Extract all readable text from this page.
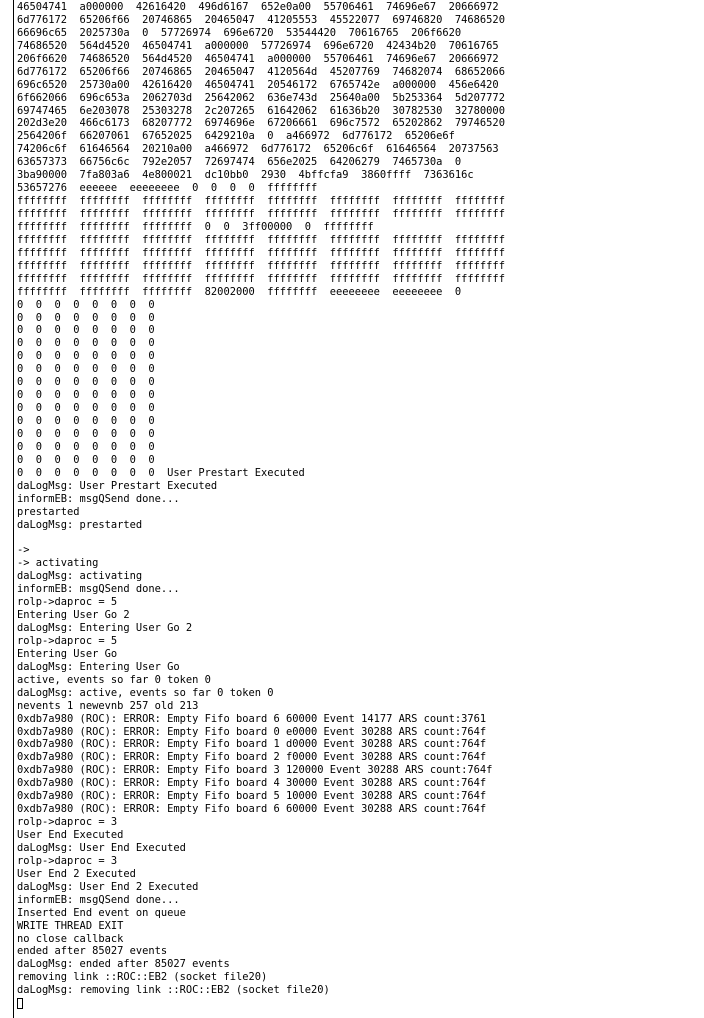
46504741  a000000  42616420  496d6167  652e0a00  55706461  74696e67  20666972
6d776172  65206f66  20746865  20465047  41205553  45522077  69746820  74686520
66696c65  2025730a  0  57726974  696e6720  53544420  70616765  206f6620
74686520  564d4520  46504741  a000000  57726974  696e6720  42434b20  70616765
206f6620  74686520  564d4520  46504741  a000000  55706461  74696e67  20666972
6d776172  65206f66  20746865  20465047  4120564d  45207769  74682074  68652066
696c6520  25730a00  42616420  46504741  20546172  6765742e  a000000  456e6420
6f662066  696c653a  2062703d  25642062  636e743d  25640a00  5b253364  5d207772
69747465  6e203078  25303278  2c207265  61642062  61636b20  30782530  32780000
202d3e20  466c6173  68207772  6974696e  67206661  696c7572  65202862  79746520
2564206f  66207061  67652025  6429210a  0  a466972  6d776172  65206e6f
74206c6f  61646564  20210a00  a466972  6d776172  65206c6f  61646564  20737563
63657373  66756c6c  792e2057  72697474  656e2025  64206279  7465730a  0
3ba90000  7fa803a6  4e800021  dc10bb0  2930  4bffcfa9  3860ffff  7363616c
53657276  eeeeee  eeeeeeee  0  0  0  0  ffffffff
ffffffff  ffffffff  ffffffff  ffffffff  ffffffff  ffffffff  ffffffff  ffffffff
ffffffff  ffffffff  ffffffff  ffffffff  ffffffff  ffffffff  ffffffff  ffffffff
ffffffff  ffffffff  ffffffff  0  0  3ff00000  0  ffffffff
ffffffff  ffffffff  ffffffff  ffffffff  ffffffff  ffffffff  ffffffff  ffffffff
ffffffff  ffffffff  ffffffff  ffffffff  ffffffff  ffffffff  ffffffff  ffffffff
ffffffff  ffffffff  ffffffff  ffffffff  ffffffff  ffffffff  ffffffff  ffffffff
ffffffff  ffffffff  ffffffff  ffffffff  ffffffff  ffffffff  ffffffff  ffffffff
ffffffff  ffffffff  ffffffff  82002000  ffffffff  eeeeeeee  eeeeeeee  0
0  0  0  0  0  0  0  0
0  0  0  0  0  0  0  0
0  0  0  0  0  0  0  0
0  0  0  0  0  0  0  0
0  0  0  0  0  0  0  0
0  0  0  0  0  0  0  0
0  0  0  0  0  0  0  0
0  0  0  0  0  0  0  0
0  0  0  0  0  0  0  0
0  0  0  0  0  0  0  0
0  0  0  0  0  0  0  0
0  0  0  0  0  0  0  0
0  0  0  0  0  0  0  0
0  0  0  0  0  0  0  0  User Prestart Executed
daLogMsg: User Prestart Executed
informEB: msgQSend done...
prestarted
daLogMsg: prestarted
->
-> activating
daLogMsg: activating
informEB: msgQSend done...
rolp->daproc = 5
Entering User Go 2
daLogMsg: Entering User Go 2
rolp->daproc = 5
Entering User Go
daLogMsg: Entering User Go
active, events so far 0 token 0
daLogMsg: active, events so far 0 token 0
nevents 1 newevnb 257 old 213
0xdb7a980 (ROC): ERROR: Empty Fifo board 6 60000 Event 14177 ARS count:3761
0xdb7a980 (ROC): ERROR: Empty Fifo board 0 e0000 Event 30288 ARS count:764f
0xdb7a980 (ROC): ERROR: Empty Fifo board 1 d0000 Event 30288 ARS count:764f
0xdb7a980 (ROC): ERROR: Empty Fifo board 2 f0000 Event 30288 ARS count:764f
0xdb7a980 (ROC): ERROR: Empty Fifo board 3 120000 Event 30288 ARS count:764f
0xdb7a980 (ROC): ERROR: Empty Fifo board 4 30000 Event 30288 ARS count:764f
0xdb7a980 (ROC): ERROR: Empty Fifo board 5 10000 Event 30288 ARS count:764f
0xdb7a980 (ROC): ERROR: Empty Fifo board 6 60000 Event 30288 ARS count:764f
rolp->daproc = 3
User End Executed
daLogMsg: User End Executed
rolp->daproc = 3
User End 2 Executed
daLogMsg: User End 2 Executed
informEB: msgQSend done...
Inserted End event on queue
WRITE THREAD EXIT
no close callback
ended after 85027 events
daLogMsg: ended after 85027 events
removing link ::ROC::EB2 (socket file20)
daLogMsg: removing link ::ROC::EB2 (socket file20)
